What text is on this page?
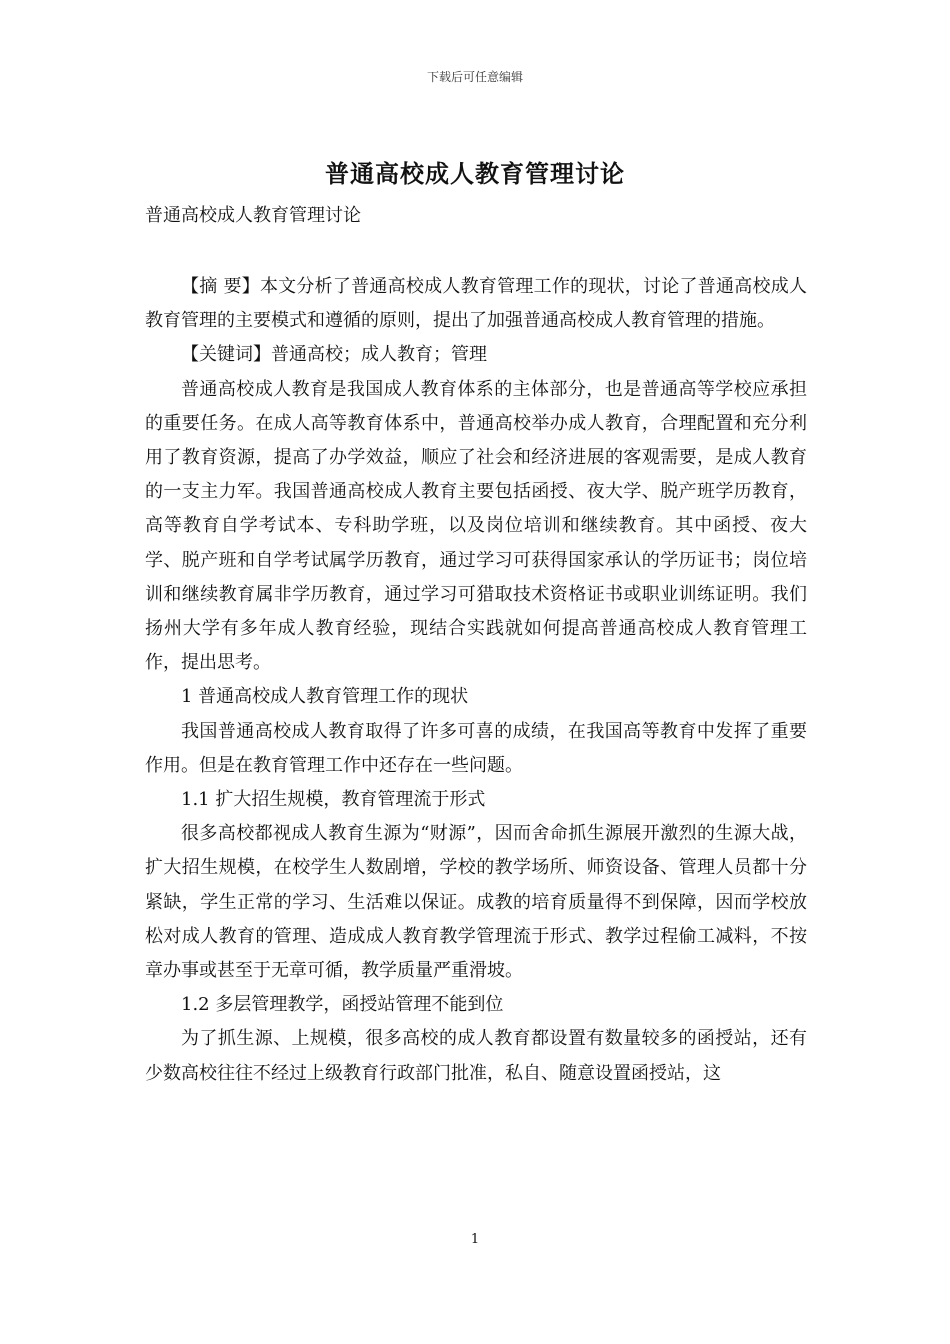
下载后可任意编辑
普通高校成人教育管理讨论
普通高校成人教育管理讨论

【摘 要】本文分析了普通高校成人教育管理工作的现状，讨论了普通高校成人教育管理的主要模式和遵循的原则，提出了加强普通高校成人教育管理的措施。

【关键词】普通高校；成人教育；管理

普通高校成人教育是我国成人教育体系的主体部分，也是普通高等学校应承担的重要任务。在成人高等教育体系中，普通高校举办成人教育，合理配置和充分利用了教育资源，提高了办学效益，顺应了社会和经济进展的客观需要，是成人教育的一支主力军。我国普通高校成人教育主要包括函授、夜大学、脱产班学历教育，高等教育自学考试本、专科助学班，以及岗位培训和继续教育。其中函授、夜大学、脱产班和自学考试属学历教育，通过学习可获得国家承认的学历证书；岗位培训和继续教育属非学历教育，通过学习可猎取技术资格证书或职业训练证明。我们扬州大学有多年成人教育经验，现结合实践就如何提高普通高校成人教育管理工作，提出思考。

1 普通高校成人教育管理工作的现状

我国普通高校成人教育取得了许多可喜的成绩，在我国高等教育中发挥了重要作用。但是在教育管理工作中还存在一些问题。

1.1 扩大招生规模，教育管理流于形式

很多高校都视成人教育生源为“财源”，因而舍命抓生源展开激烈的生源大战，扩大招生规模，在校学生人数剧增，学校的教学场所、师资设备、管理人员都十分紧缺，学生正常的学习、生活难以保证。成教的培育质量得不到保障，因而学校放松对成人教育的管理、造成成人教育教学管理流于形式、教学过程偷工减料，不按章办事或甚至于无章可循，教学质量严重滑坡。

1.2 多层管理教学，函授站管理不能到位

为了抓生源、上规模，很多高校的成人教育都设置有数量较多的函授站，还有少数高校往往不经过上级教育行政部门批准，私自、随意设置函授站，这

1
